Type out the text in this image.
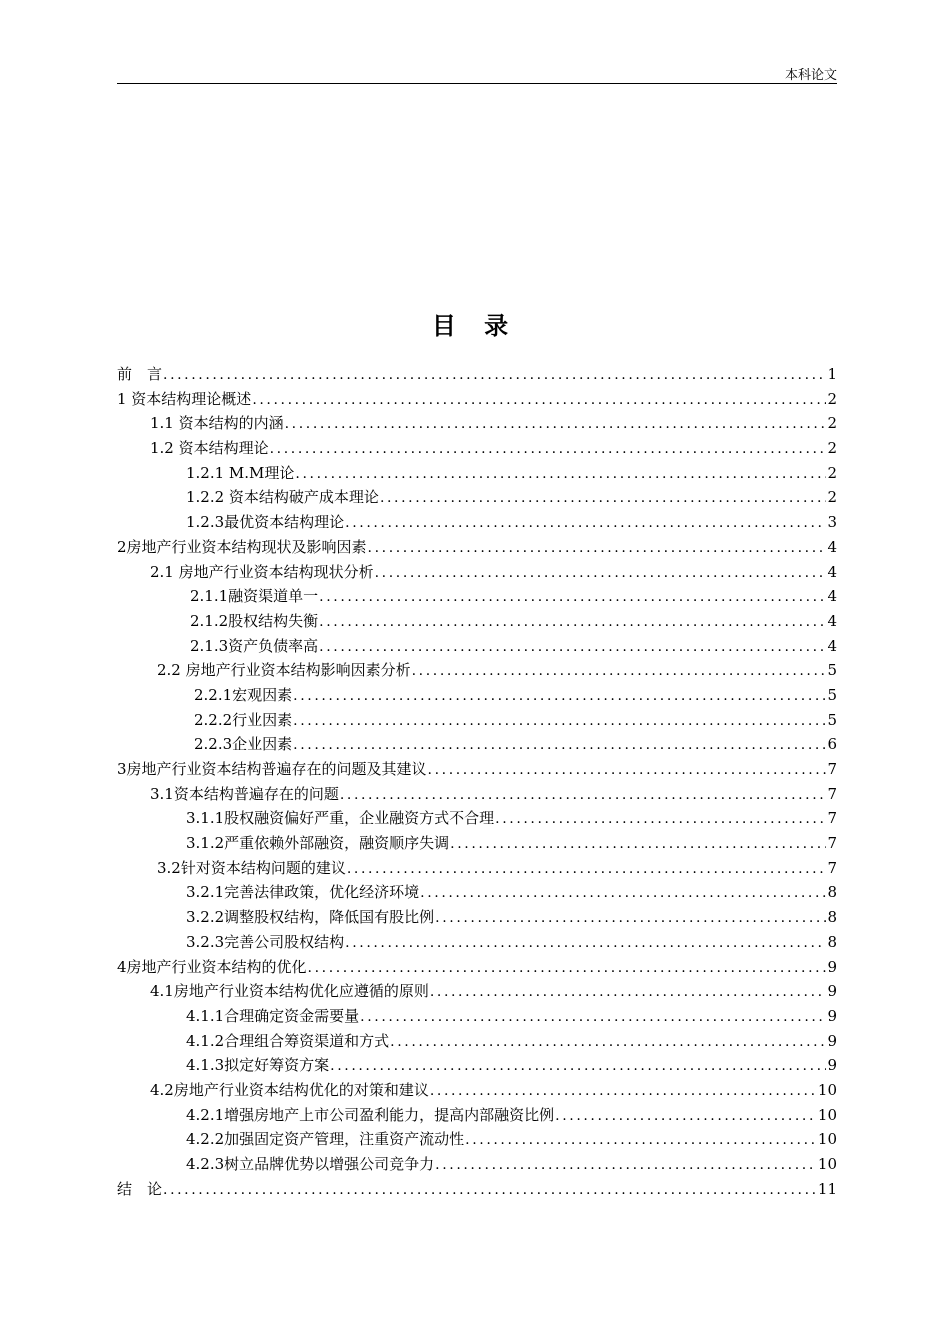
本科论文
目 录
前　言 .....	1
1 资本结构理论概述 .....	2
1.1 资本结构的内涵 .....	2
1.2 资本结构理论 .....	2
1.2.1 M.M理论 .....	2
1.2.2 资本结构破产成本理论 .....	2
1.2.3最优资本结构理论 .....	3
2房地产行业资本结构现状及影响因素 .....	4
2.1 房地产行业资本结构现状分析 .....	4
2.1.1融资渠道单一 .....	4
2.1.2股权结构失衡 .....	4
2.1.3资产负债率高 .....	4
2.2 房地产行业资本结构影响因素分析 .....	5
2.2.1宏观因素 .....	5
2.2.2行业因素 .....	5
2.2.3企业因素 .....	6
3房地产行业资本结构普遍存在的问题及其建议 .....	7
3.1资本结构普遍存在的问题 .....	7
3.1.1股权融资偏好严重，企业融资方式不合理 .....	7
3.1.2严重依赖外部融资，融资顺序失调 .....	7
3.2针对资本结构问题的建议 .....	7
3.2.1完善法律政策，优化经济环境 .....	8
3.2.2调整股权结构，降低国有股比例 .....	8
3.2.3完善公司股权结构 .....	8
4房地产行业资本结构的优化 .....	9
4.1房地产行业资本结构优化应遵循的原则 .....	9
4.1.1合理确定资金需要量 .....	9
4.1.2合理组合筹资渠道和方式 .....	9
4.1.3拟定好筹资方案 .....	9
4.2房地产行业资本结构优化的对策和建议 .....	10
4.2.1增强房地产上市公司盈利能力，提高内部融资比例 .....	10
4.2.2加强固定资产管理，注重资产流动性 .....	10
4.2.3树立品牌优势以增强公司竞争力 .....	10
结　论 .....	11
